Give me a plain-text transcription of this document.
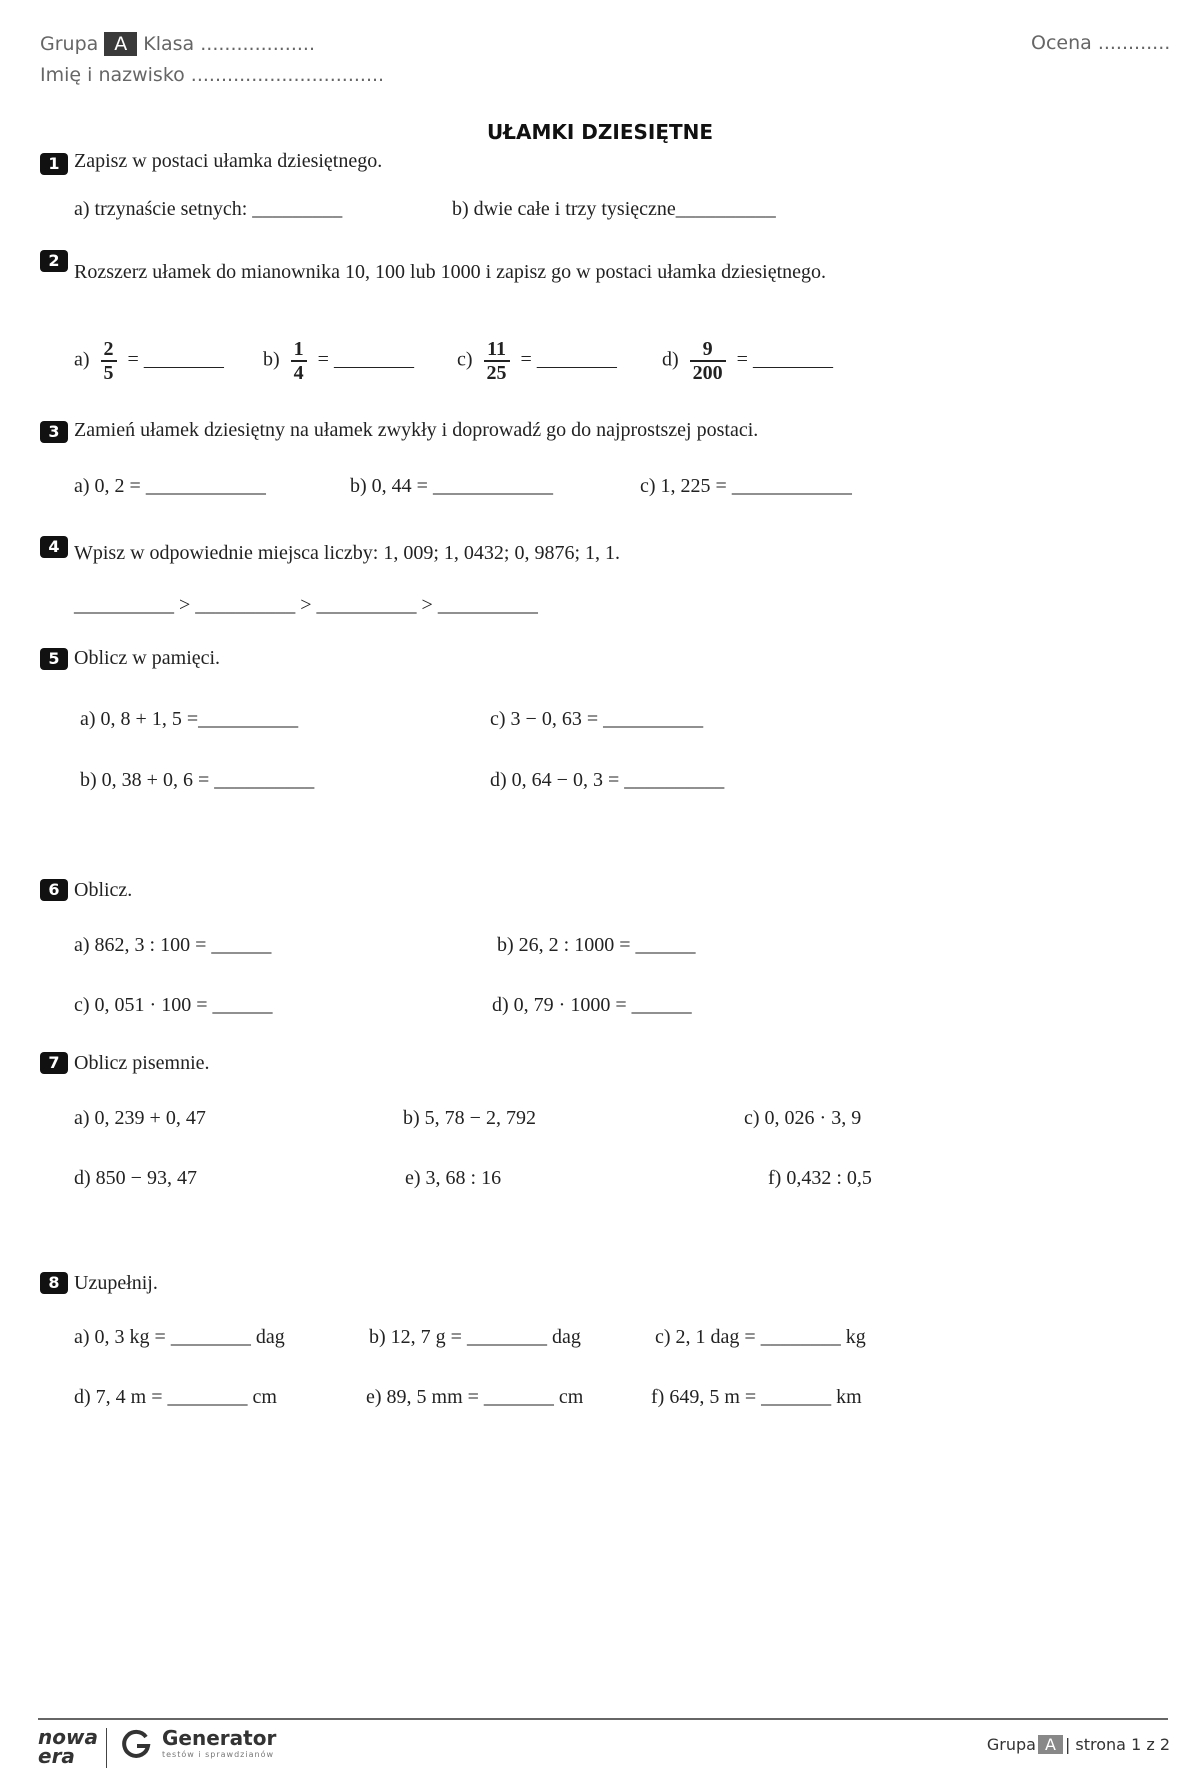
Grupa A Klasa ...................
Imię i nazwisko ................................
Ocena ............
UŁAMKI DZIESIĘTNE
1 Zapisz w postaci ułamka dziesiętnego.
a) trzynaście setnych: _________	b) dwie całe i trzy tysięczne__________
2
Rozszerz ułamek do mianownika 10, 100 lub 1000 i zapisz go w postaci ułamka dziesiętnego.
$a) \frac{2}{5}$ = ________ $b) \frac{1}{4}$ = ________ $c) \frac{11}{25}$ = ________ $d) \frac{9}{200}$ = ________
3 Zamień ułamek dziesiętny na ułamek zwykły i doprowadź go do najprostszej postaci.
a) 0, 2 = ____________	b) 0, 44 = ____________	c) 1, 225 = ____________
4 Wpisz w odpowiednie miejsca liczby: 1, 009; 1, 0432; 0, 9876; 1, 1.
__________ > __________ > __________ > __________
5 Oblicz w pamięci.
a) 0, 8 + 1, 5 =__________	c) 3 − 0, 63 = __________
b) 0, 38 + 0, 6 = __________	d) 0, 64 − 0, 3 = __________
6 Oblicz.
a) 862, 3 : 100 = ______	b) 26, 2 : 1000 = ______
c) 0, 051 · 100 = ______	d) 0, 79 · 1000 = ______
7 Oblicz pisemnie.
a) 0, 239 + 0, 47	b) 5, 78 − 2, 792	c) 0, 026 · 3, 9
d) 850 − 93, 47	e) 3, 68 : 16	f) 0,432 : 0,5
8 Uzupełnij.
a) 0, 3 kg = ________ dag	b) 12, 7 g = ________ dag	c) 2, 1 dag = ________ kg
d) 7, 4 m = ________ cm	e) 89, 5 mm = _______ cm	f) 649, 5 m = _______ km
nowa
era
Generator
testów i sprawdzianów
Grupa A | strona 1 z 2
